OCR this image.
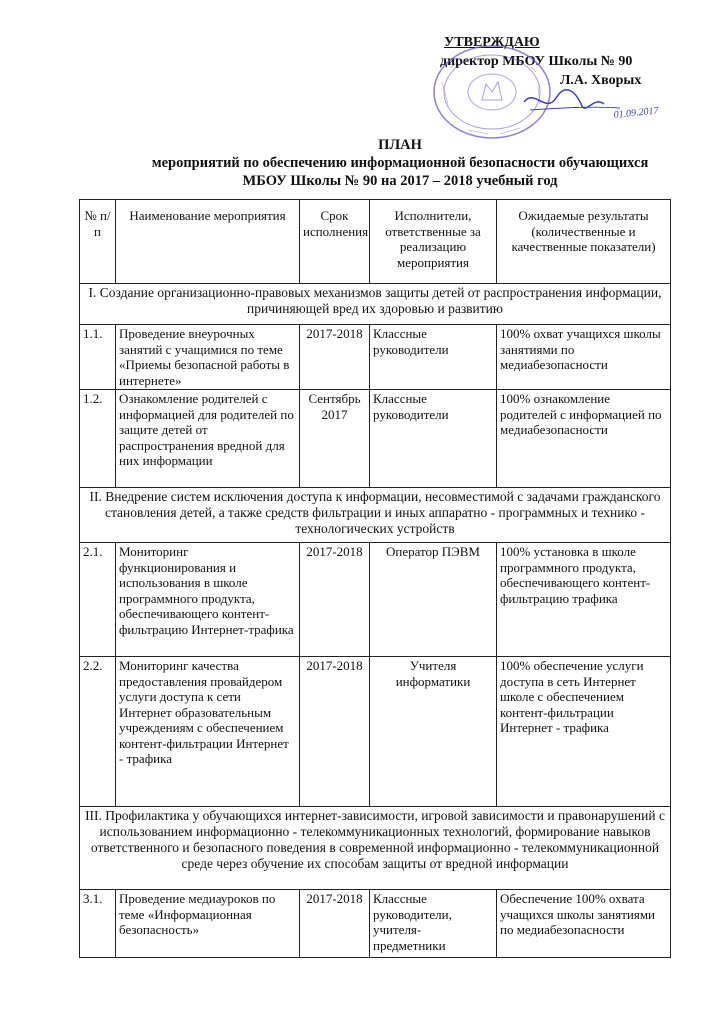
УТВЕРЖДАЮ
директор МБОУ Школы № 90
Л.А. Хворых
01.09.2017
ПЛАН
мероприятий по обеспечению информационной безопасности обучающихся
МБОУ Школы № 90 на 2017 – 2018 учебный год
№ п/п	Наименование мероприятия	Срок исполнения	Исполнители, ответственные за реализацию мероприятия	Ожидаемые результаты (количественные и качественные показатели)
I. Создание организационно-правовых механизмов защиты детей от распространения информации, причиняющей вред их здоровью и развитию				
1.1.	Проведение внеурочных занятий с учащимися по теме «Приемы безопасной работы в интернете»	2017-2018	Классные руководители	100% охват учащихся школы занятиями по медиабезопасности
1.2.	Ознакомление родителей с информацией для родителей по защите детей от распространения вредной для них информации	Сентябрь 2017	Классные руководители	100% ознакомление родителей с информацией по медиабезопасности
II. Внедрение систем исключения доступа к информации, несовместимой с задачами гражданского становления детей, а также средств фильтрации и иных аппаратно - программных и технико - технологических устройств				
2.1.	Мониторинг функционирования и использования в школе программного продукта, обеспечивающего контент-фильтрацию Интернет-трафика	2017-2018	Оператор ПЭВМ	100% установка в школе программного продукта, обеспечивающего контент-фильтрацию трафика
2.2.	Мониторинг качества предоставления провайдером услуги доступа к сети Интернет образовательным учреждениям с обеспечением контент-фильтрации Интернет - трафика	2017-2018	Учителя информатики	100% обеспечение услуги доступа в сеть Интернет школе с обеспечением контент-фильтрации Интернет - трафика
III. Профилактика у обучающихся интернет-зависимости, игровой зависимости и правонарушений с использованием информационно - телекоммуникационных технологий, формирование навыков ответственного и безопасного поведения в современной информационно - телекоммуникационной среде через обучение их способам защиты от вредной информации				
3.1.	Проведение медиауроков по теме «Информационная безопасность»	2017-2018	Классные руководители, учителя-предметники	Обеспечение 100% охвата учащихся школы занятиями по медиабезопасности
